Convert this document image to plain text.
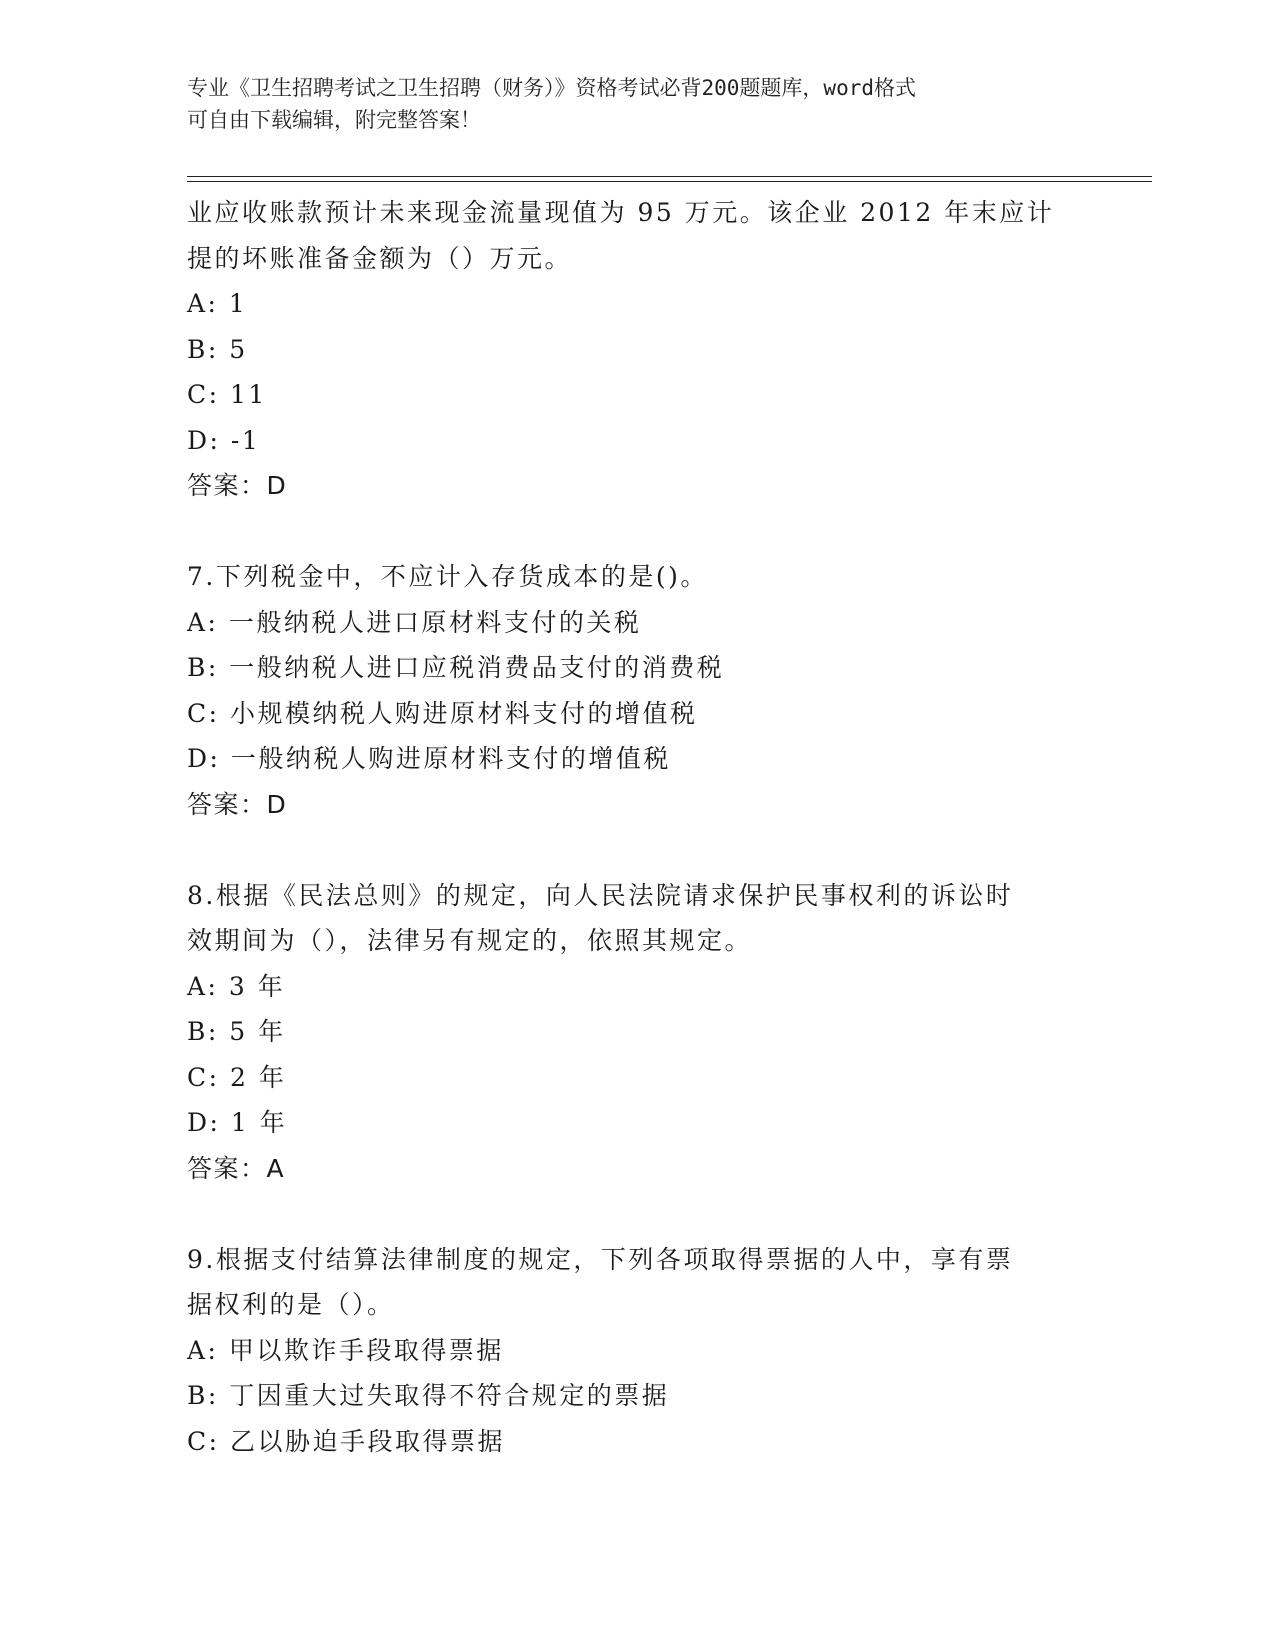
专业《卫生招聘考试之卫生招聘（财务）》资格考试必背200题题库，word格式

可自由下载编辑，附完整答案！

业应收账款预计未来现金流量现值为 95 万元。该企业 2012 年末应计
提的坏账准备金额为（）万元。
A: 1
B: 5
C: 11
D: -1
答案：D
7.下列税金中，不应计入存货成本的是()。
A: 一般纳税人进口原材料支付的关税
B: 一般纳税人进口应税消费品支付的消费税
C: 小规模纳税人购进原材料支付的增值税
D: 一般纳税人购进原材料支付的增值税
答案：D
8.根据《民法总则》的规定，向人民法院请求保护民事权利的诉讼时
效期间为（），法律另有规定的，依照其规定。
A: 3 年
B: 5 年
C: 2 年
D: 1 年
答案：A
9.根据支付结算法律制度的规定，下列各项取得票据的人中，享有票
据权利的是（）。
A: 甲以欺诈手段取得票据
B: 丁因重大过失取得不符合规定的票据
C: 乙以胁迫手段取得票据
